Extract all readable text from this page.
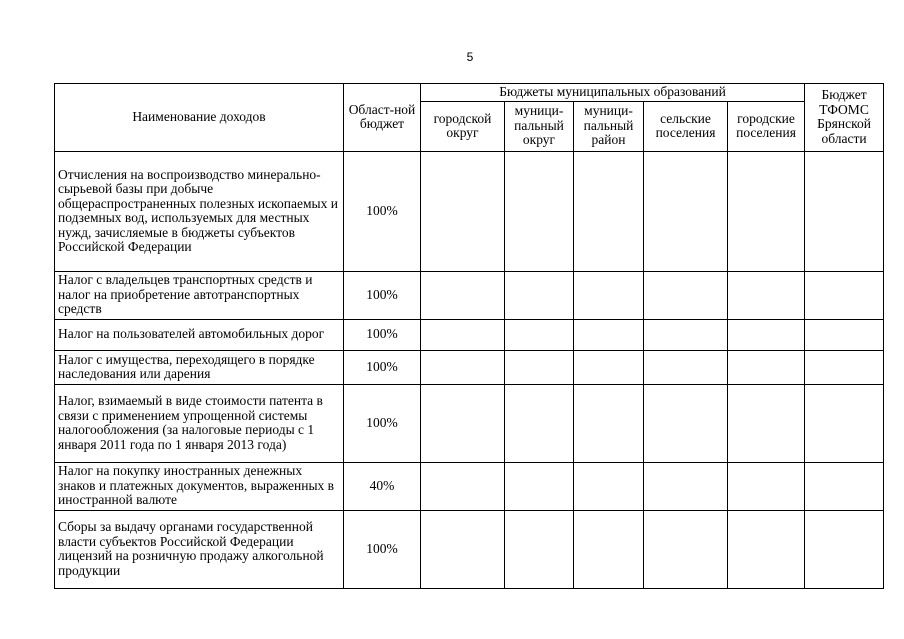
5
Наименование доходов	Област-ной бюджет	Бюджеты муниципальных образований					Бюджет ТФОМС Брянской области
		городской округ	муници-пальный округ	муници-пальный район	сельские поселения	городские поселения	
Отчисления на воспроизводство минерально-сырьевой базы при добыче общераспространенных полезных ископаемых и подземных вод, используемых для местных нужд, зачисляемые в бюджеты субъектов Российской Федерации	100%						
Налог с владельцев транспортных средств и налог на приобретение автотранспортных средств	100%						
Налог на пользователей автомобильных дорог	100%						
Налог с имущества, переходящего в порядке наследования или дарения	100%						
Налог, взимаемый в виде стоимости патента в связи с применением упрощенной системы налогообложения (за налоговые периоды с 1 января 2011 года по 1 января 2013 года)	100%						
Налог на покупку иностранных денежных знаков и платежных документов, выраженных в иностранной валюте	40%						
Сборы за выдачу органами государственной власти субъектов Российской Федерации лицензий на розничную продажу алкогольной продукции	100%						
